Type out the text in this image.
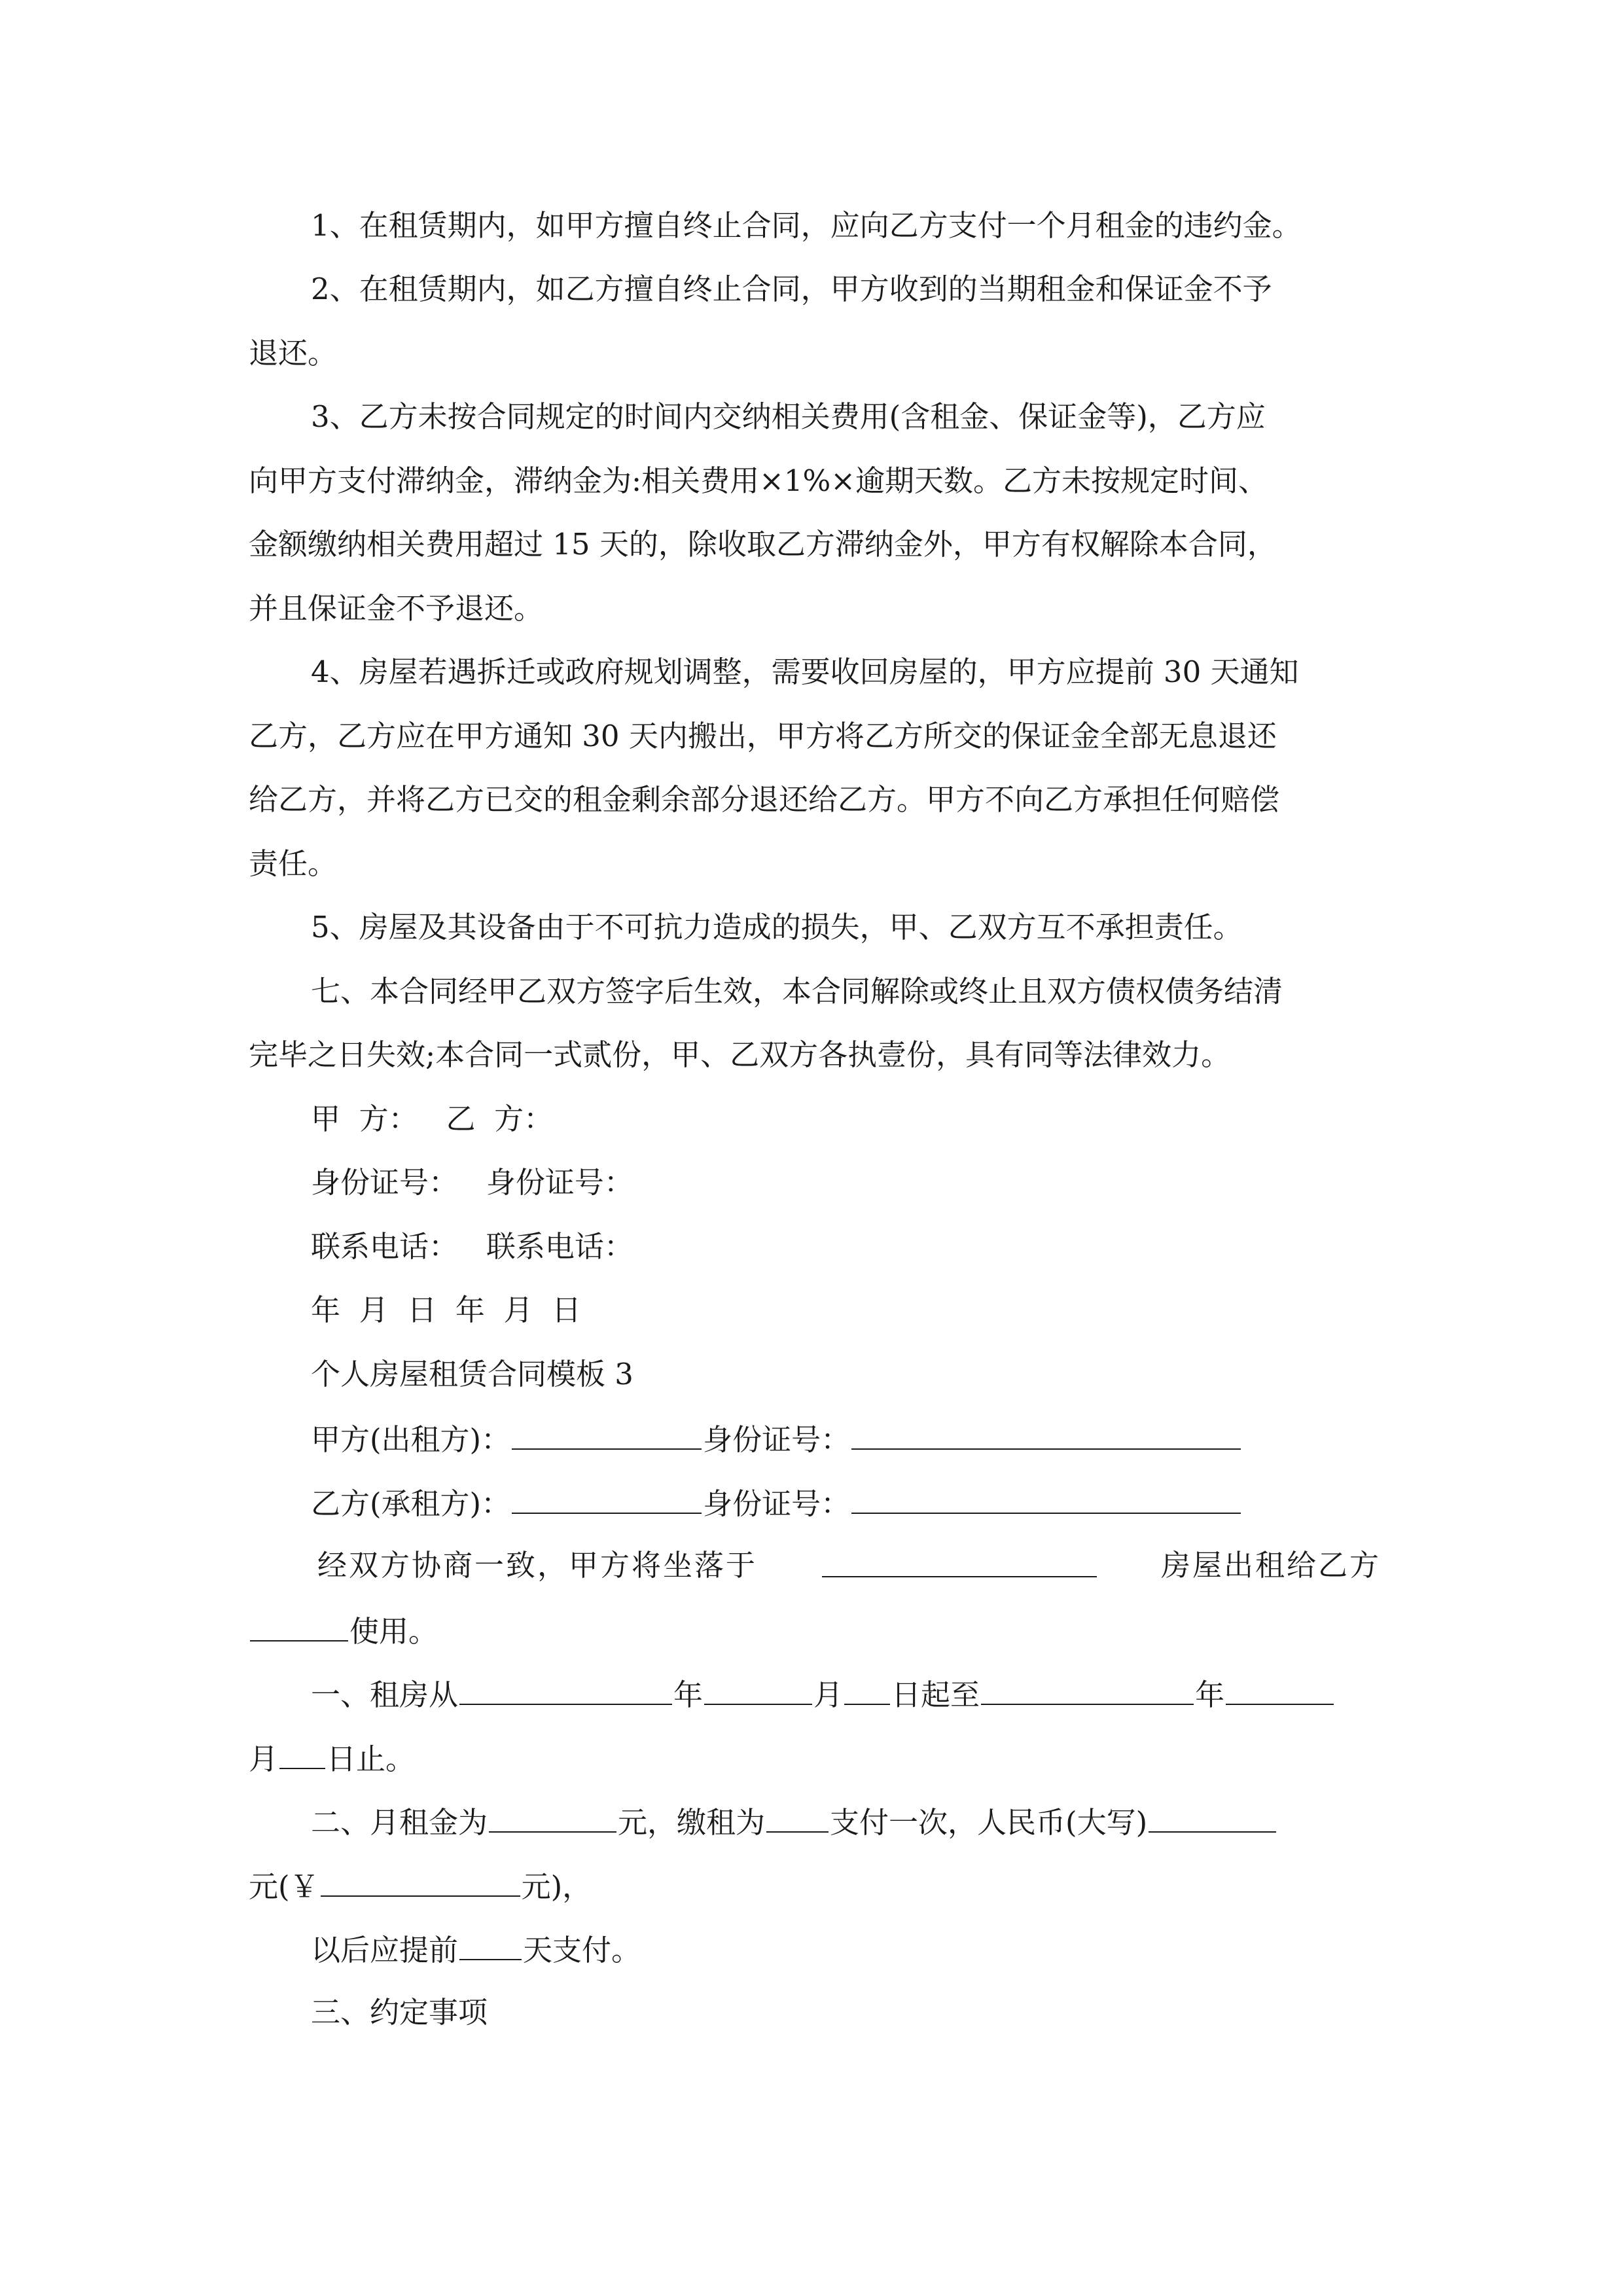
1、在租赁期内，如甲方擅自终止合同，应向乙方支付一个月租金的违约金。
2、在租赁期内，如乙方擅自终止合同，甲方收到的当期租金和保证金不予
退还。
3、乙方未按合同规定的时间内交纳相关费用(含租金、保证金等)，乙方应
向甲方支付滞纳金，滞纳金为:相关费用×1%×逾期天数。乙方未按规定时间、
金额缴纳相关费用超过 15 天的，除收取乙方滞纳金外，甲方有权解除本合同，
并且保证金不予退还。
4、房屋若遇拆迁或政府规划调整，需要收回房屋的，甲方应提前 30 天通知
乙方，乙方应在甲方通知 30 天内搬出，甲方将乙方所交的保证金全部无息退还
给乙方，并将乙方已交的租金剩余部分退还给乙方。甲方不向乙方承担任何赔偿
责任。
5、房屋及其设备由于不可抗力造成的损失，甲、乙双方互不承担责任。
七、本合同经甲乙双方签字后生效，本合同解除或终止且双方债权债务结清
完毕之日失效;本合同一式贰份，甲、乙双方各执壹份，具有同等法律效力。
甲  方：   乙  方：
身份证号：   身份证号：
联系电话：   联系电话：
年  月  日  年  月  日
个人房屋租赁合同模板 3
甲方(出租方)：	身份证号：
乙方(承租方)：	身份证号：
经双方协商一致，甲方将坐落于	房屋出租给乙方
使用。
一、租房从	年	月 日起至	年
月 日止。
二、月租金为	元，缴租为 支付一次，人民币(大写)
元(￥	元)，
以后应提前 天支付。
三、约定事项
